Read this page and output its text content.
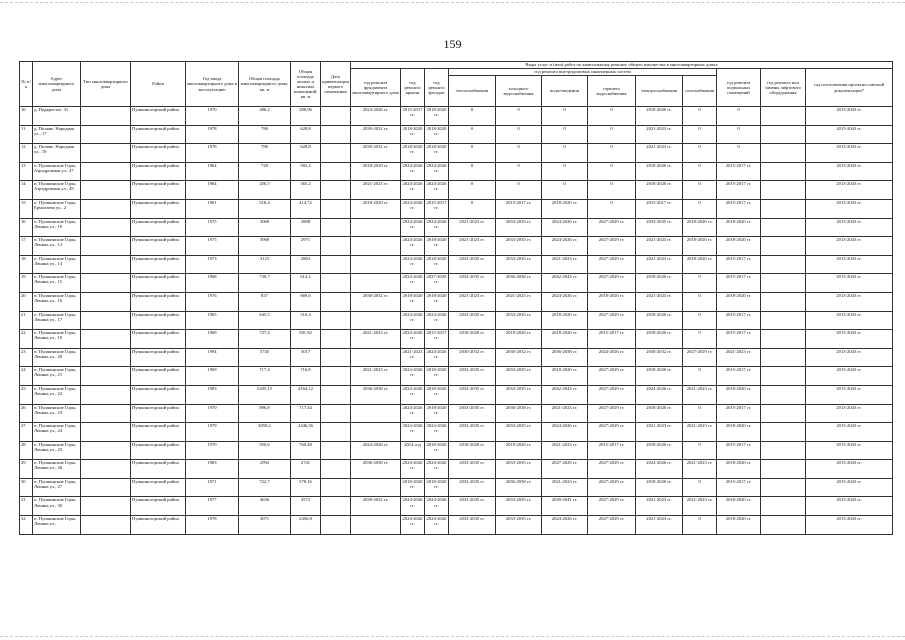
159
№ п/п	Адрес многоквартирного дома	Тип многоквартирного дома	Район	Год ввода многоквартирного дома в эксплуатацию	Общая площадь многоквартирного дома, кв. м	Общая площадь жилых и нежилых помещений, кв. м	Дата приватизации первого помещения	Виды услуг и (или) работ по капитальному ремонту общего имущества в многоквартирных домах											
								год ремонта фундамента многоквартирного дома	год ремонта крыши	год ремонта фасадов	год ремонта внутридомовых инженерных систем						год ремонта подвальных помещений	год ремонта или замены лифтового оборудования	год изготовления проектно-сметной документации*
											теплоснабжения	холодного водоснабжения	водоотведения	горячего водоснабжения	электроснабжения	газоснабжения			
10	д. Подкрестье, 31		Пушкиногорский район	1970	486,2	388,96		2024-2026 гг.	2015-2017 гг.	2018-2020 гг.	0	0	0	0	2018-2020 гг.	0	0		2015-2043 гг.
11	д. Поляне, Народная ул., 17		Пушкиногорский район	1978	786	628,8		2030-2032 гг.	2018-2020 гг.	2018-2020 гг.	0	0	0	0	2021-2023 гг.	0	0		2015-2043 гг.
12	д. Поляне, Народная ул., 19		Пушкиногорский район	1978	786	628,8		2030-2032 гг.	2018-2020 гг.	2018-2020 гг.	0	0	0	0	2021-2023 гг.	0	0		2015-2043 гг.
13	п. Пушкинские Горы, Аэродромная ул., 47		Пушкиногорский район	1964	728	582,4		2018-2020 гг.	2024-2026 гг.	2024-2026 гг.	0	0	0	0	2018-2020 гг.	0	2015-2017 гг.		2015-2043 гг.
14	п. Пушкинские Горы, Аэродромная ул., 49		Пушкиногорский район	1964	456,5	365,2		2021-2023 гг.	2024-2026 гг.	2024-2026 гг.	0	0	0	0	2018-2020 гг.	0	2015-2017 гг.		2015-2043 гг.
15	п. Пушкинские Горы, Ермолаева ул., 2		Пушкиногорский район	1961	518,4	414,72		2018-2020 гг.	2024-2026 гг.	2015-2017 гг.	0	2015-2017 гг.	2018-2020 гг.	0	2015-2017 гг.	0	2015-2017 гг.		2015-2043 гг.
16	п. Пушкинские Горы, Ленина ул., 10		Пушкиногорский район	1975	3068	2808			2024-2026 гг.	2024-2026 гг.	2021-2023 гг.	2033-2035 гг.	2024-2026 гг.	2027-2029 гг.	2033-2035 гг.	2018-2020 гг.	2018-2020 гг.		2015-2043 гг.
17	п. Пушкинские Горы, Ленина ул., 12		Пушкиногорский район	1975	3968	2971			2024-2026 гг.	2018-2020 гг.	2021-2023 гг.	2033-2035 гг.	2024-2026 гг.	2027-2029 гг.	2021-2023 гг.	2018-2020 гг.	2018-2020 гг.		2015-2043 гг.
18	п. Пушкинские Горы, Ленина ул., 14		Пушкиногорский район	1973	3123	2863			2024-2026 гг.	2018-2020 гг.	2033-2035 гг.	2033-2035 гг.	2021-2023 гг.	2027-2029 гг.	2021-2023 гг.	2018-2020 гг.	2015-2017 гг.		2015-2043 гг.
19	п. Пушкинские Горы, Ленина ул., 15		Пушкиногорский район	1968	730,7	614,1			2024-2026 гг.	2027-2029 гг.	2033-2035 гг.	2036-2038 гг.	2042-2043 гг.	2027-2029 гг.	2018-2020 гг.	0	2015-2017 гг.		2015-2043 гг.
20	п. Пушкинские Горы, Ленина ул., 16		Пушкиногорский район	1976	837	669,6		2030-2032 гг.	2018-2020 гг.	2018-2020 гг.	2021-2023 гг.	2021-2023 гг.	2024-2026 гг.	2018-2020 гг.	2021-2023 гг.	0	2018-2020 гг.		2015-2043 гг.
21	п. Пушкинские Горы, Ленина ул., 17		Пушкиногорский район	1965	645,5	516,4			2024-2026 гг.	2024-2026 гг.	2033-2035 гг.	2033-2035 гг.	2018-2020 гг.	2027-2029 гг.	2018-2020 гг.	0	2015-2017 гг.		2015-2043 гг.
22	п. Пушкинские Горы, Ленина ул., 19		Пушкиногорский район	1969	727,4	581,92		2021-2023 гг.	2024-2026 гг.	2015-2017 гг.	2018-2020 гг.	2018-2020 гг.	2018-2020 гг.	2015-2017 гг.	2018-2020 гг.	0	2015-2017 гг.		2015-2043 гг.
23	п. Пушкинские Горы, Ленина ул., 20		Пушкиногорский район	1994	3745	3017			2021-2023 гг.	2024-2026 гг.	2030-2032 гг.	2030-2032 гг.	2036-2038 гг.	2024-2026 гг.	2030-2032 гг.	2027-2029 гг.	2021-2023 гг.		2015-2043 гг.
24	п. Пушкинские Горы, Ленина ул., 21		Пушкиногорский район	1969	717,4	716,8		2021-2023 гг.	2024-2026 гг.	2018-2020 гг.	2033-2035 гг.	2033-2035 гг.	2018-2020 гг.	2027-2029 гг.	2018-2020 гг.	0	2015-2017 гг.		2015-2043 гг.
25	п. Пушкинские Горы, Ленина ул., 22		Пушкиногорский район	1983	5205,15	4164,12		2036-2038 гг.	2024-2026 гг.	2018-2020 гг.	2033-2035 гг.	2033-2035 гг.	2042-2043 гг.	2027-2029 гг.	2024-2026 гг.	2021-2023 гг.	2018-2020 гг.		2015-2043 гг.
26	п. Пушкинские Горы, Ленина ул., 23		Пушкиногорский район	1970	896,8	717,44			2024-2026 гг.	2018-2020 гг.	2033-2035 гг.	2036-2038 гг.	2021-2023 гг.	2027-2029 гг.	2018-2020 гг.	0	2015-2017 гг.		2015-2043 гг.
27	п. Пушкинские Горы, Ленина ул., 24		Пушкиногорский район	1979	3058,2	2446,56			2024-2026 гг.	2024-2026 гг.	2033-2035 гг.	2033-2035 гг.	2024-2026 гг.	2027-2029 гг.	2021-2023 гг.	2021-2023 гг.	2018-2020 гг.		2015-2043 гг.
28	п. Пушкинские Горы, Ленина ул., 25		Пушкиногорский район	1970	950,6	760,48		2024-2026 гг.	2014 год	2018-2020 гг.	2018-2020 гг.	2018-2020 гг.	2021-2023 гг.	2015-2017 гг.	2018-2020 гг.	0	2015-2017 гг.		2015-2043 гг.
29	п. Пушкинские Горы, Ленина ул., 26		Пушкиногорский район	1983	2992	2741		2036-2038 гг.	2024-2026 гг.	2024-2026 гг.	2033-2035 гг.	2033-2035 гг.	2027-2029 гг.	2027-2029 гг.	2024-2026 гг.	2021-2023 гг.	2018-2020 гг.		2015-2043 гг.
30	п. Пушкинские Горы, Ленина ул., 27		Пушкиногорский район	1971	722,7	578,16			2018-2020 гг.	2018-2020 гг.	2033-2035 гг.	2036-2038 гг.	2021-2023 гг.	2027-2029 гг.	2018-2020 гг.	0	2015-2017 гг.		2015-2043 гг.
31	п. Пушкинские Горы, Ленина ул., 30		Пушкиногорский район	1977	4636	3572		2030-2032 гг.	2024-2026 гг.	2024-2026 гг.	2033-2035 гг.	2033-2035 гг.	2039-2041 гг.	2027-2029 гг.	2021-2023 гг.	2021-2023 гг.	2018-2020 гг.		2015-2043 гг.
32	п. Пушкинские Горы, Ленина ул.,		Пушкиногорский район	1978	3071	2456,8			2024-2026 гг.	2024-2026 гг.	2033-2035 гг.	2033-2035 гг.	2024-2026 гг.	2027-2029 гг.	2021-2023 гг.	0	2018-2020 гг.		2015-2043 гг.
